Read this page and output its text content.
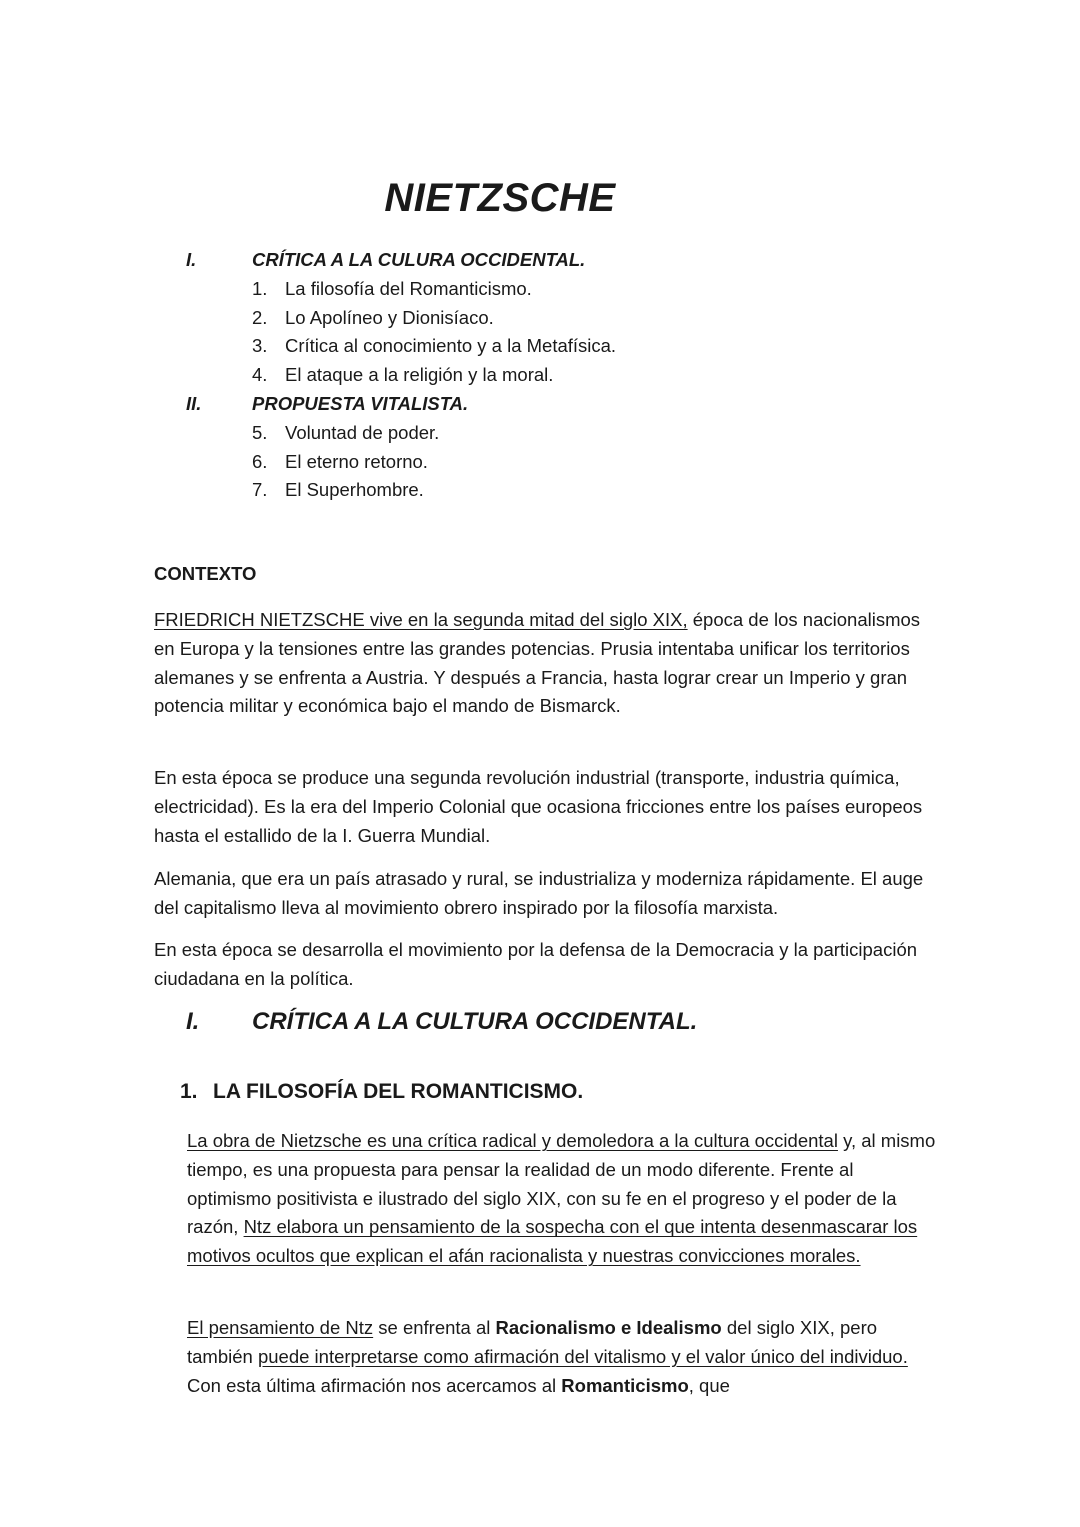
NIETZSCHE
I.	CRÍTICA A LA CULURA OCCIDENTAL.
1. La filosofía del Romanticismo.
2. Lo Apolíneo y Dionisíaco.
3. Crítica al conocimiento y a la Metafísica.
4. El ataque a la religión y la moral.
II.	PROPUESTA VITALISTA.
5. Voluntad de poder.
6. El eterno retorno.
7. El Superhombre.
CONTEXTO

FRIEDRICH NIETZSCHE vive en la segunda mitad del siglo XIX, época de los nacionalismos en Europa y la tensiones entre las grandes potencias. Prusia intentaba unificar los territorios alemanes y se enfrenta a Austria. Y después a Francia, hasta lograr crear un Imperio y gran potencia militar y económica bajo el mando de Bismarck.

En esta época se produce una segunda revolución industrial (transporte, industria química, electricidad). Es la era del Imperio Colonial que ocasiona fricciones entre los países europeos hasta el estallido de la I. Guerra Mundial.

Alemania, que era un país atrasado y rural, se industrializa y moderniza rápidamente. El auge del capitalismo lleva al movimiento obrero inspirado por la filosofía marxista.

En esta época se desarrolla el movimiento por la defensa de la Democracia y la participación ciudadana en la política.

I. CRÍTICA A LA CULTURA OCCIDENTAL.
1. LA FILOSOFÍA DEL ROMANTICISMO.

La obra de Nietzsche es una crítica radical y demoledora a la cultura occidental y, al mismo tiempo, es una propuesta para pensar la realidad de un modo diferente. Frente al optimismo positivista e ilustrado del siglo XIX, con su fe en el progreso y el poder de la razón, Ntz elabora un pensamiento de la sospecha con el que intenta desenmascarar los motivos ocultos que explican el afán racionalista y nuestras convicciones morales.

El pensamiento de Ntz se enfrenta al Racionalismo e Idealismo del siglo XIX, pero también puede interpretarse como afirmación del vitalismo y el valor único del individuo. Con esta última afirmación nos acercamos al Romanticismo, que
